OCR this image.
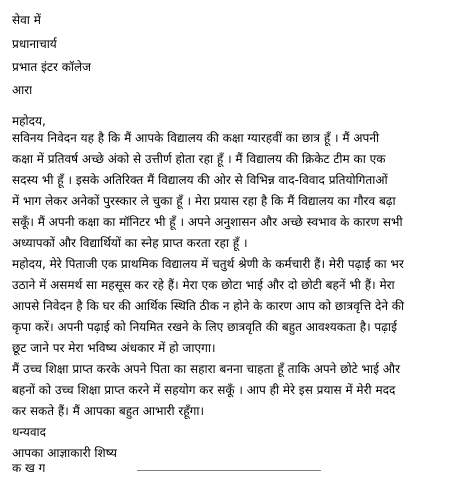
सेवा में
प्रधानाचार्य
प्रभात इंटर कॉलेज
आरा
महोदय,
सविनय निवेदन यह है कि मैं आपके विद्यालय की कक्षा ग्यारहवीं का छात्र हूँ । मैं अपनी
कक्षा में प्रतिवर्ष अच्छे अंको से उत्तीर्ण होता रहा हूँ । मैं विद्यालय की क्रिकेट टीम का एक
सदस्य भी हूँ । इसके अतिरिक्त मैं विद्यालय की ओर से विभिन्न वाद-विवाद प्रतियोगिताओं
में भाग लेकर अनेकों पुरस्कार ले चुका हूँ । मेरा प्रयास रहा है कि मैं विद्यालय का गौरव बढ़ा
सकूँ। मैं अपनी कक्षा का मॉनिटर भी हूँ । अपने अनुशासन और अच्छे स्वभाव के कारण सभी
अध्यापकों और विद्यार्थियों का स्नेह प्राप्त करता रहा हूँ ।
महोदय, मेरे पिताजी एक प्राथमिक विद्यालय में चतुर्थ श्रेणी के कर्मचारी हैं। मेरी पढ़ाई का भर
उठाने में असमर्थ सा महसूस कर रहे हैं। मेरा एक छोटा भाई और दो छोटी बहनें भी हैं। मेरा
आपसे निवेदन है कि घर की आर्थिक स्थिति ठीक न होने के कारण आप को छात्रवृत्ति देने की
कृपा करें। अपनी पढ़ाई को नियमित रखने के लिए छात्रवृति की बहुत आवश्यकता है। पढ़ाई
छूट जाने पर मेरा भविष्य अंधकार में हो जाएगा।
मैं उच्च शिक्षा प्राप्त करके अपने पिता का सहारा बनना चाहता हूँ ताकि अपने छोटे भाई और
बहनों को उच्च शिक्षा प्राप्त करने में सहयोग कर सकूँ । आप ही मेरे इस प्रयास में मेरी मदद
कर सकते हैं। मैं आपका बहुत आभारी रहूँगा।
धन्यवाद
आपका आज्ञाकारी शिष्य
क ख ग
